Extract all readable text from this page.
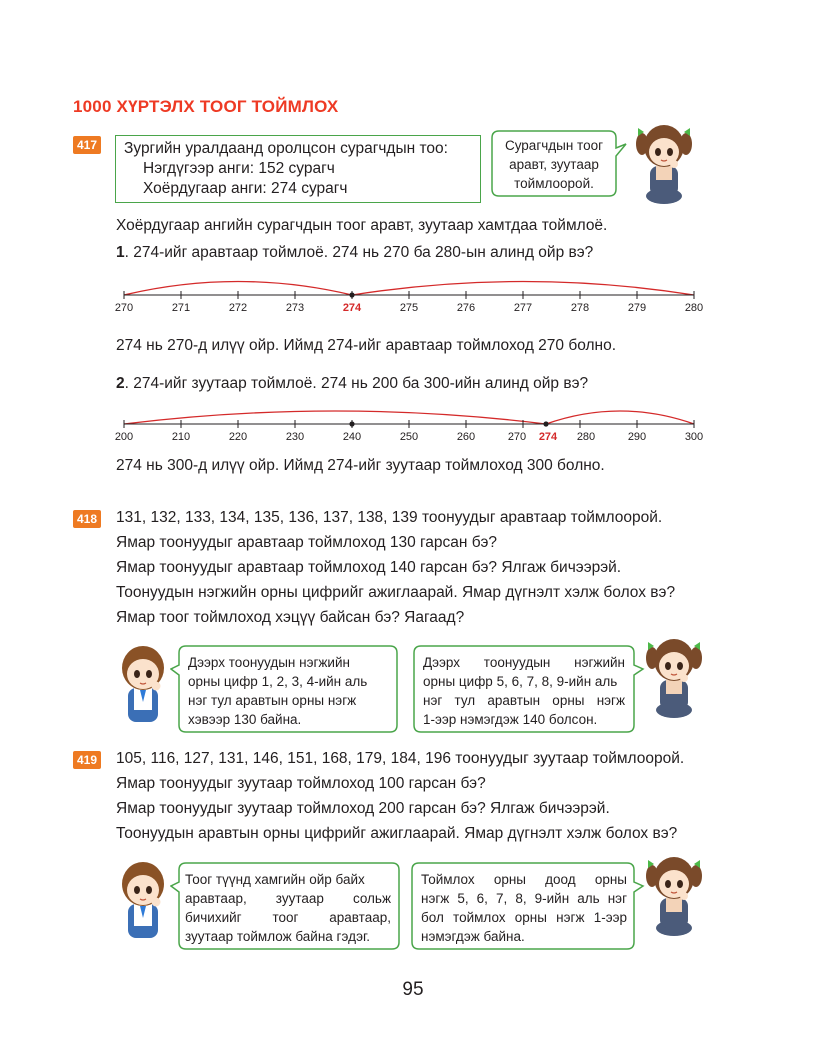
1000 ХҮРТЭЛХ ТООГ ТОЙМЛОХ
417 Зургийн уралдаанд оролцсон сурагчдын тоо:
Нэгдүгээр анги: 152 сурагч
Хоёрдугаар анги: 274 сурагч
Сурагчдын тоог
аравт, зуутаар
тоймлоорой.
Хоёрдугаар ангийн сурагчдын тоог аравт, зуутаар хамтдаа тоймлоё.
1. 274-ийг аравтаар тоймлоё. 274 нь 270 ба 280-ын алинд ойр вэ?
270	271	272	273	274	275	276	277	278	279	280
274 нь 270-д илүү ойр. Иймд 274-ийг аравтаар тоймлоход 270 болно.
2. 274-ийг зуутаар тоймлоё. 274 нь 200 ба 300-ийн алинд ойр вэ?
200	210	220	230	240	250	260	270	280	290	300
274
274 нь 300-д илүү ойр. Иймд 274-ийг зуутаар тоймлоход 300 болно.
418 131, 132, 133, 134, 135, 136, 137, 138, 139 тоонуудыг аравтаар тоймлоорой.
Ямар тоонуудыг аравтаар тоймлоход 130 гарсан бэ?
Ямар тоонуудыг аравтаар тоймлоход 140 гарсан бэ? Ялгаж бичээрэй.
Тоонуудын нэгжийн орны цифрийг ажиглаарай. Ямар дүгнэлт хэлж болох вэ?
Ямар тоог тоймлоход хэцүү байсан бэ? Яагаад?
Дээрх тоонуудын нэгжийн
орны цифр 1, 2, 3, 4-ийн аль
нэг тул аравтын орны нэгж
хэвээр 130 байна.
Дээрх тоонуудын нэгжийн
орны цифр 5, 6, 7, 8, 9-ийн аль
нэг тул аравтын орны нэгж
1-ээр нэмэгдэж 140 болсон.
419 105, 116, 127, 131, 146, 151, 168, 179, 184, 196 тоонуудыг зуутаар тоймлоорой.
Ямар тоонуудыг зуутаар тоймлоход 100 гарсан бэ?
Ямар тоонуудыг зуутаар тоймлоход 200 гарсан бэ? Ялгаж бичээрэй.
Тоонуудын аравтын орны цифрийг ажиглаарай. Ямар дүгнэлт хэлж болох вэ?
Тоог түүнд хамгийн ойр байх
аравтаар, зуутаар сольж
бичихийг тоог аравтаар,
зуутаар тоймлож байна гэдэг.
Тоймлох орны доод орны
нэгж 5, 6, 7, 8, 9-ийн аль нэг
бол тоймлох орны нэгж 1-ээр
нэмэгдэж байна.
95
